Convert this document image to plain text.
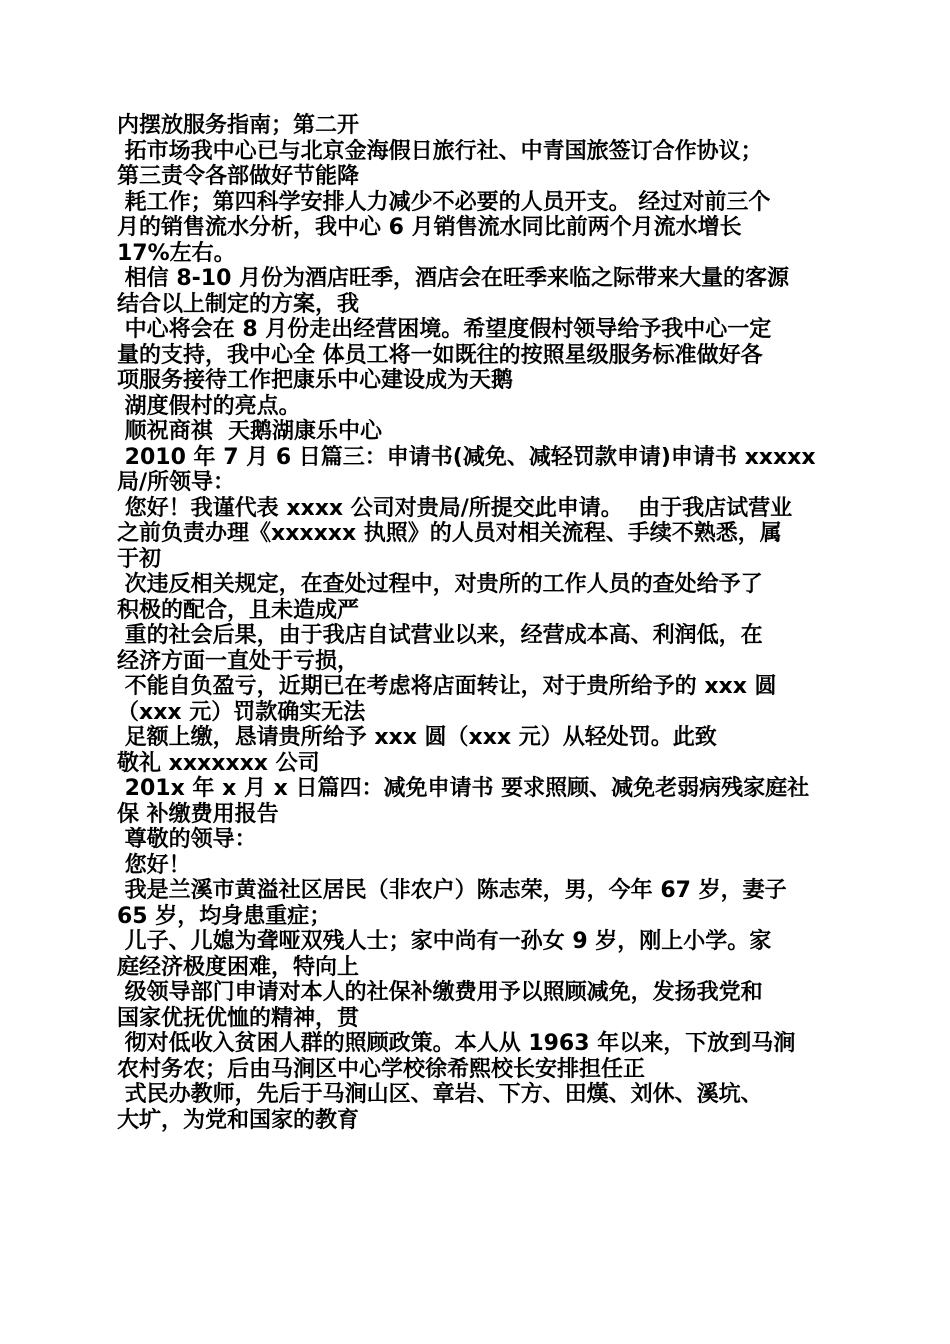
内摆放服务指南；第二开
拓市场我中心已与北京金海假日旅行社、中青国旅签订合作协议；
第三责令各部做好节能降
耗工作；第四科学安排人力减少不必要的人员开支。 经过对前三个
月的销售流水分析，我中心 6 月销售流水同比前两个月流水增长
17%左右。
相信 8-10 月份为酒店旺季，酒店会在旺季来临之际带来大量的客源
结合以上制定的方案，我
中心将会在 8 月份走出经营困境。希望度假村领导给予我中心一定
量的支持，我中心全 体员工将一如既往的按照星级服务标准做好各
项服务接待工作把康乐中心建设成为天鹅
湖度假村的亮点。
顺祝商祺  天鹅湖康乐中心
2010 年 7 月 6 日篇三：申请书(减免、减轻罚款申请)申请书 xxxxx
局/所领导：
您好！我谨代表 xxxx 公司对贵局/所提交此申请。  由于我店试营业
之前负责办理《xxxxxx 执照》的人员对相关流程、手续不熟悉，属
于初
次违反相关规定，在查处过程中，对贵所的工作人员的查处给予了
积极的配合，且未造成严
重的社会后果，由于我店自试营业以来，经营成本高、利润低，在
经济方面一直处于亏损，
不能自负盈亏，近期已在考虑将店面转让，对于贵所给予的 xxx 圆
（xxx 元）罚款确实无法
足额上缴，恳请贵所给予 xxx 圆（xxx 元）从轻处罚。此致
敬礼 xxxxxxx 公司
201x 年 x 月 x 日篇四：减免申请书 要求照顾、减免老弱病残家庭社
保 补缴费用报告
尊敬的领导：
您好！
我是兰溪市黄溢社区居民（非农户）陈志荣，男，今年 67 岁，妻子
65 岁，均身患重症；
儿子、儿媳为聋哑双残人士；家中尚有一孙女 9 岁，刚上小学。家
庭经济极度困难，特向上
级领导部门申请对本人的社保补缴费用予以照顾减免，发扬我党和
国家优抚优恤的精神，贯
彻对低收入贫困人群的照顾政策。本人从 1963 年以来，下放到马涧
农村务农；后由马涧区中心学校徐希熙校长安排担任正
式民办教师，先后于马涧山区、章岩、下方、田熯、刘休、溪坑、
大圹，为党和国家的教育
